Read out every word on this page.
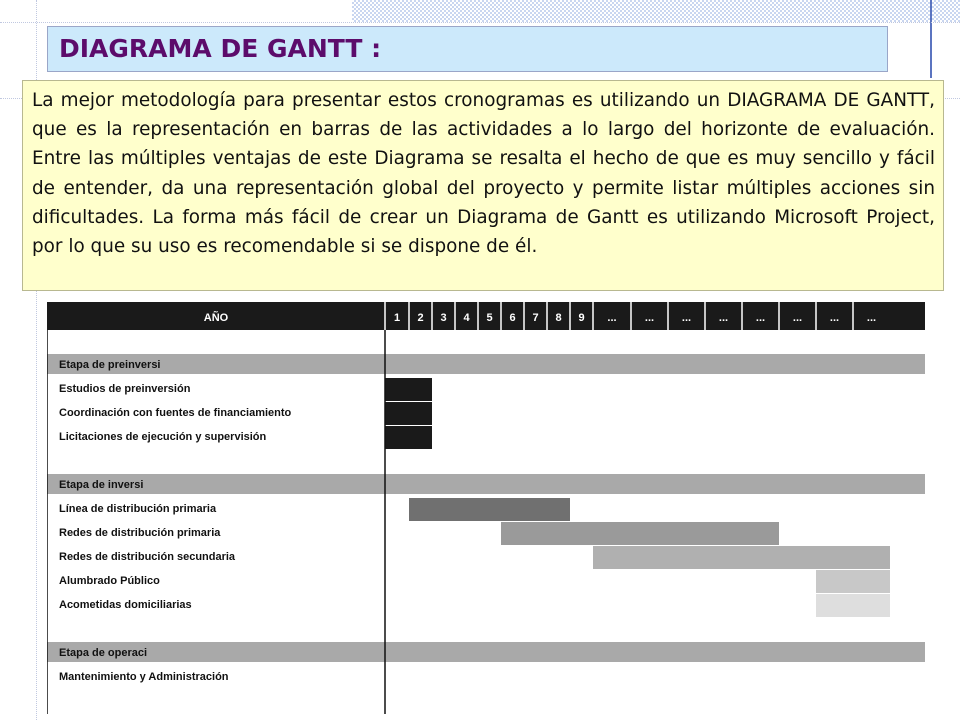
DIAGRAMA DE GANTT :

La mejor metodología para presentar estos cronogramas es utilizando un DIAGRAMA DE GANTT, que es la representación en barras de las actividades a lo largo del horizonte de evaluación. Entre las múltiples ventajas de este Diagrama se resalta el hecho de que es muy sencillo y fácil de entender, da una representación global del proyecto y permite listar múltiples acciones sin dificultades. La forma más fácil de crear un Diagrama de Gantt es utilizando Microsoft Project, por lo que su uso es recomendable si se dispone de él.

AÑO	1 2 3 4 5 6 7 8 9 ...	...	...	...	...	...	...	...
Etapa de preinversi
Estudios de preinversión
Coordinación con fuentes de financiamiento
Licitaciones de ejecución y supervisión
Etapa de inversi
Línea de distribución primaria
Redes de distribución primaria
Redes de distribución secundaria
Alumbrado Público
Acometidas domiciliarias
Etapa de operaci
Mantenimiento y Administración
